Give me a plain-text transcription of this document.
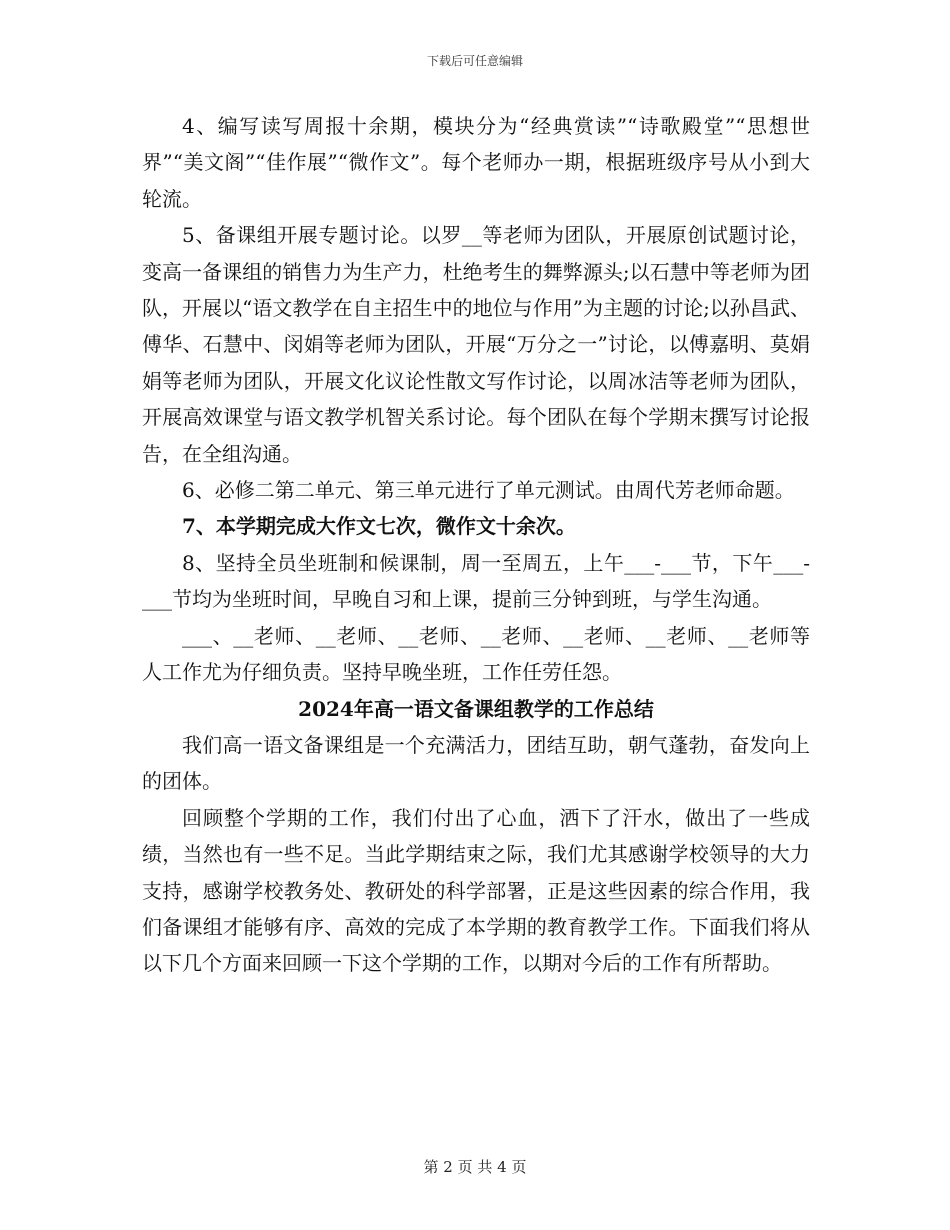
下载后可任意编辑

4、编写读写周报十余期，模块分为“经典赏读”“诗歌殿堂”“思想世界”“美文阁”“佳作展”“微作文”。每个老师办一期，根据班级序号从小到大轮流。

5、备课组开展专题讨论。以罗__等老师为团队，开展原创试题讨论，变高一备课组的销售力为生产力，杜绝考生的舞弊源头;以石慧中等老师为团队，开展以“语文教学在自主招生中的地位与作用”为主题的讨论;以孙昌武、傅华、石慧中、闵娟等老师为团队，开展“万分之一”讨论，以傅嘉明、莫娟娟等老师为团队，开展文化议论性散文写作讨论，以周冰洁等老师为团队，开展高效课堂与语文教学机智关系讨论。每个团队在每个学期末撰写讨论报告，在全组沟通。

6、必修二第二单元、第三单元进行了单元测试。由周代芳老师命题。

7、本学期完成大作文七次，微作文十余次。

8、坚持全员坐班制和候课制，周一至周五，上午___-___节，下午___-___节均为坐班时间，早晚自习和上课，提前三分钟到班，与学生沟通。

___、__老师、__老师、__老师、__老师、__老师、__老师、__老师等人工作尤为仔细负责。坚持早晚坐班，工作任劳任怨。

2024年高一语文备课组教学的工作总结

我们高一语文备课组是一个充满活力，团结互助，朝气蓬勃，奋发向上的团体。

回顾整个学期的工作，我们付出了心血，洒下了汗水，做出了一些成绩，当然也有一些不足。当此学期结束之际，我们尤其感谢学校领导的大力支持，感谢学校教务处、教研处的科学部署，正是这些因素的综合作用，我们备课组才能够有序、高效的完成了本学期的教育教学工作。下面我们将从以下几个方面来回顾一下这个学期的工作，以期对今后的工作有所帮助。

第 2 页 共 4 页
